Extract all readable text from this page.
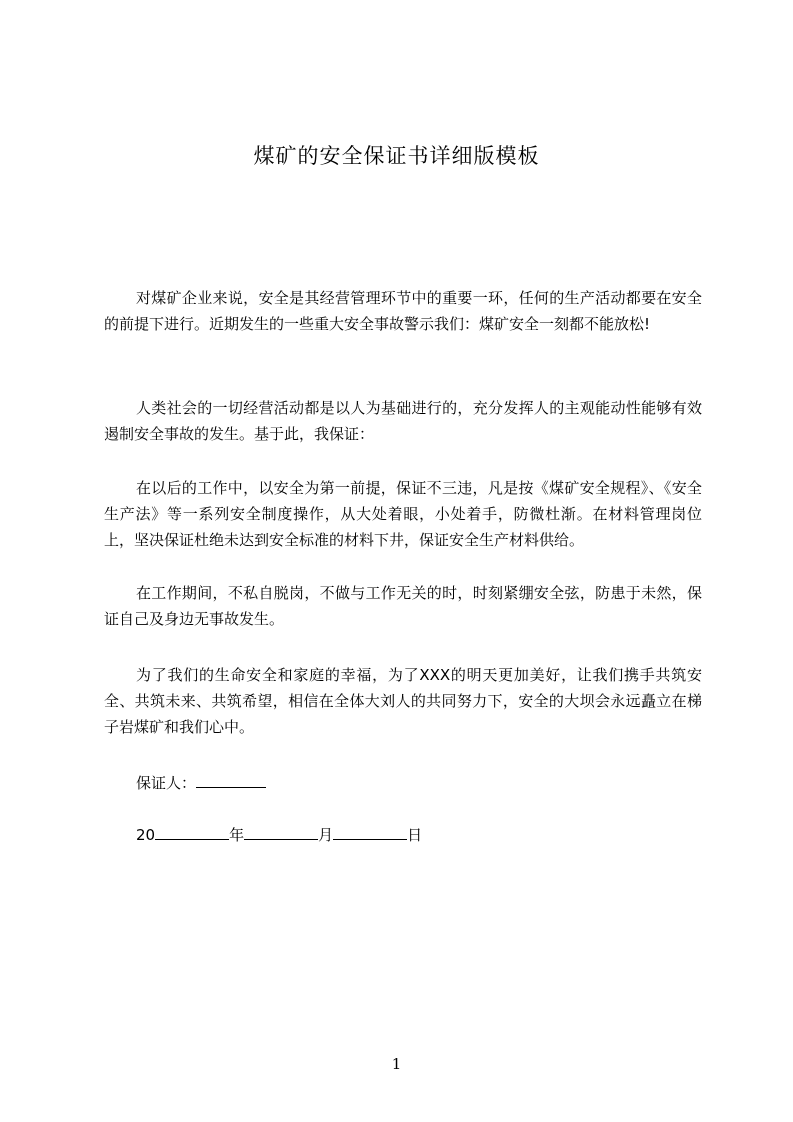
煤矿的安全保证书详细版模板

对煤矿企业来说，安全是其经营管理环节中的重要一环，任何的生产活动都要在安全的前提下进行。近期发生的一些重大安全事故警示我们：煤矿安全一刻都不能放松!

人类社会的一切经营活动都是以人为基础进行的，充分发挥人的主观能动性能够有效遏制安全事故的发生。基于此，我保证：

在以后的工作中，以安全为第一前提，保证不三违，凡是按《煤矿安全规程》、《安全生产法》等一系列安全制度操作，从大处着眼，小处着手，防微杜渐。在材料管理岗位上，坚决保证杜绝未达到安全标准的材料下井，保证安全生产材料供给。

在工作期间，不私自脱岗，不做与工作无关的时，时刻紧绷安全弦，防患于未然，保证自己及身边无事故发生。

为了我们的生命安全和家庭的幸福，为了XXX的明天更加美好，让我们携手共筑安全、共筑未来、共筑希望，相信在全体大刘人的共同努力下，安全的大坝会永远矗立在梯子岩煤矿和我们心中。

保证人：
20	年	月	日
1
